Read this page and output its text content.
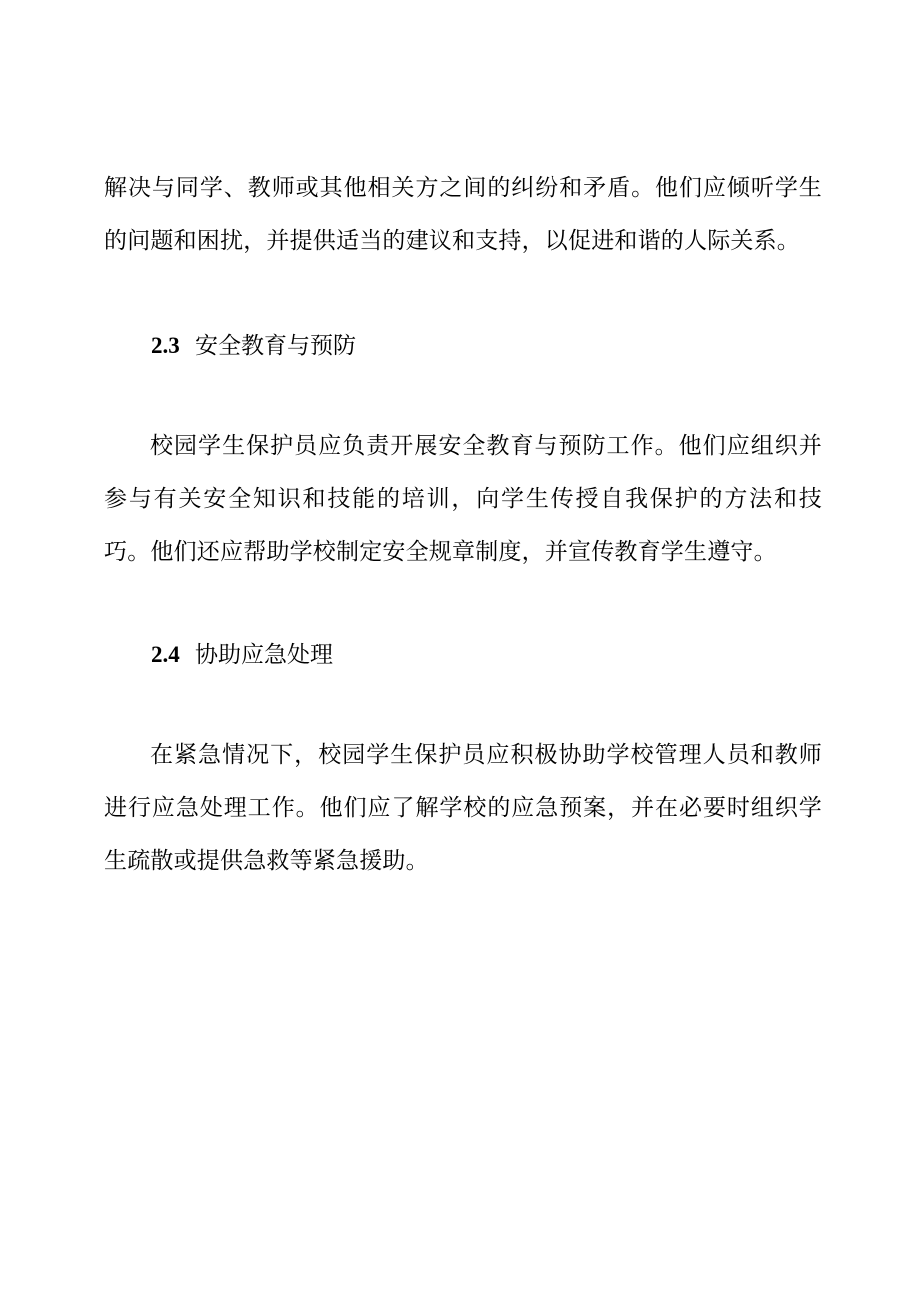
解决与同学、教师或其他相关方之间的纠纷和矛盾。他们应倾听学生的问题和困扰，并提供适当的建议和支持，以促进和谐的人际关系。

2.3 安全教育与预防

校园学生保护员应负责开展安全教育与预防工作。他们应组织并参与有关安全知识和技能的培训，向学生传授自我保护的方法和技巧。他们还应帮助学校制定安全规章制度，并宣传教育学生遵守。

2.4 协助应急处理

在紧急情况下，校园学生保护员应积极协助学校管理人员和教师进行应急处理工作。他们应了解学校的应急预案，并在必要时组织学生疏散或提供急救等紧急援助。
